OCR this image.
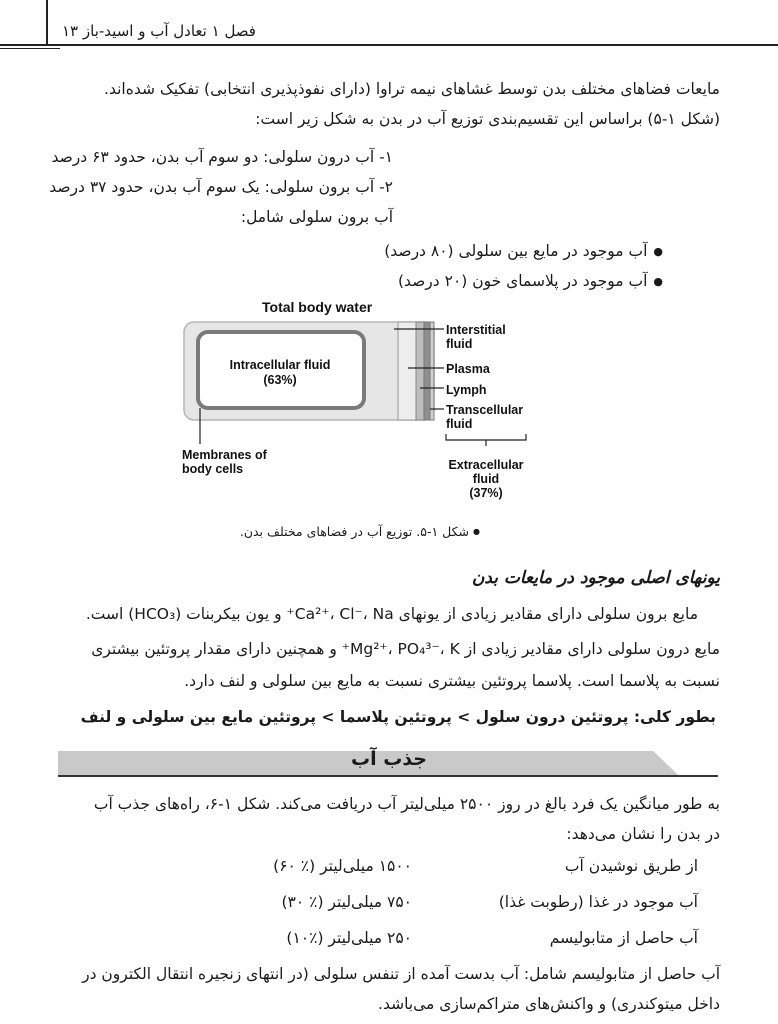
فصل ۱ تعادل آب و اسید-باز ۱۳
مایعات فضاهای مختلف بدن توسط غشاهای نیمه تراوا (دارای نفوذپذیری انتخابی) تفکیک شده‌اند.
(شکل ۱-۵) براساس این تقسیم‌بندی توزیع آب در بدن به شکل زیر است:
۱- آب درون سلولی: دو سوم آب بدن، حدود ۶۳ درصد
۲- آب برون سلولی: یک سوم آب بدن، حدود ۳۷ درصد
آب برون سلولی شامل:
● آب موجود در مایع بین سلولی (۸۰ درصد)
● آب موجود در پلاسمای خون (۲۰ درصد)
Total body water
Intracellular fluid
(63%)
Interstitial
fluid
Plasma
Lymph
Transcellular
fluid
Membranes of
body cells	Extracellular
fluid
(37%)
● شکل ۱-۵. توزیع آب در فضاهای مختلف بدن.
یونهای اصلی موجود در مایعات بدن
مایع برون سلولی دارای مقادیر زیادی از یونهای Ca²⁺، Cl⁻، Na⁺ و یون بیکربنات (HCO₃) است.
مایع درون سلولی دارای مقادیر زیادی از Mg²⁺، PO₄³⁻، K⁺ و همچنین دارای مقدار پروتئین بیشتری
نسبت به پلاسما است. پلاسما پروتئین بیشتری نسبت به مایع بین سلولی و لنف دارد.
بطور کلی: پروتئین درون سلول > پروتئین پلاسما > پروتئین مایع بین سلولی و لنف
جذب آب
به طور میانگین یک فرد بالغ در روز ۲۵۰۰ میلی‌لیتر آب دریافت می‌کند. شکل ۱-۶، راه‌های جذب آب
در بدن را نشان می‌دهد:
از طریق نوشیدن آب
۱۵۰۰ میلی‌لیتر (٪ ۶۰)
آب موجود در غذا (رطوبت غذا)
۷۵۰ میلی‌لیتر (٪ ۳۰)
آب حاصل از متابولیسم
۲۵۰ میلی‌لیتر (٪۱۰)
آب حاصل از متابولیسم شامل: آب بدست آمده از تنفس سلولی (در انتهای زنجیره انتقال الکترون در
داخل میتوکندری) و واکنش‌های متراکم‌سازی می‌باشد.
